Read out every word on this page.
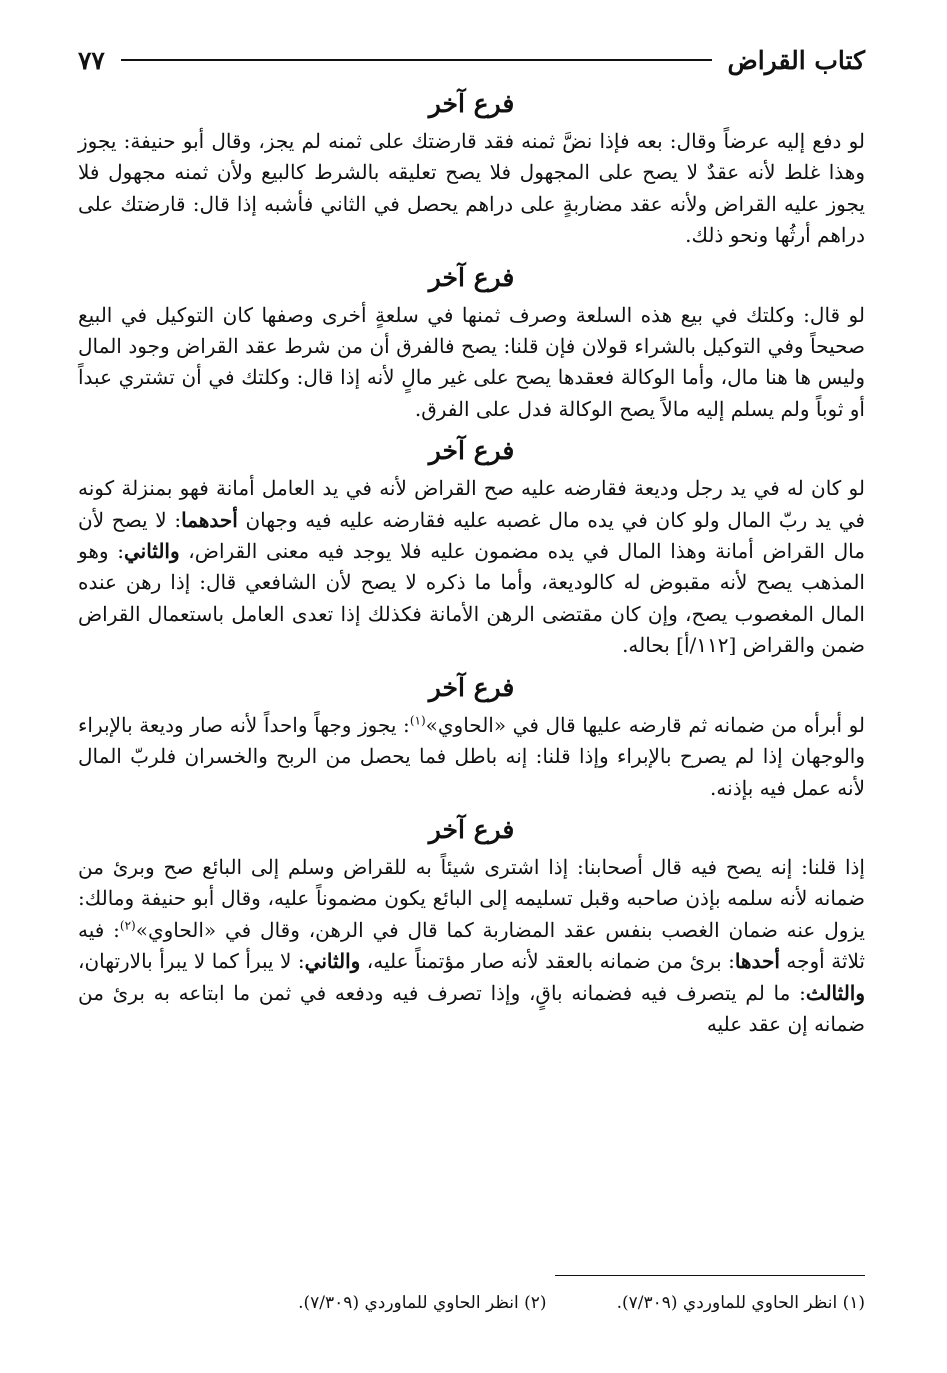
كتاب القراض
٧٧
فرع آخر

لو دفع إليه عرضاً وقال: بعه فإذا نضَّ ثمنه فقد قارضتك على ثمنه لم يجز، وقال أبو حنيفة: يجوز وهذا غلط لأنه عقدٌ لا يصح على المجهول فلا يصح تعليقه بالشرط كالبيع ولأن ثمنه مجهول فلا يجوز عليه القراض ولأنه عقد مضاربةٍ على دراهم يحصل في الثاني فأشبه إذا قال: قارضتك على دراهم أرثُها ونحو ذلك.

فرع آخر

لو قال: وكلتك في بيع هذه السلعة وصرف ثمنها في سلعةٍ أخرى وصفها كان التوكيل في البيع صحيحاً وفي التوكيل بالشراء قولان فإن قلنا: يصح فالفرق أن من شرط عقد القراض وجود المال وليس ها هنا مال، وأما الوكالة فعقدها يصح على غير مالٍ لأنه إذا قال: وكلتك في أن تشتري عبداً أو ثوباً ولم يسلم إليه مالاً يصح الوكالة فدل على الفرق.

فرع آخر

لو كان له في يد رجل وديعة فقارضه عليه صح القراض لأنه في يد العامل أمانة فهو بمنزلة كونه في يد ربّ المال ولو كان في يده مال غصبه عليه فقارضه عليه فيه وجهان أحدهما: لا يصح لأن مال القراض أمانة وهذا المال في يده مضمون عليه فلا يوجد فيه معنى القراض، والثاني: وهو المذهب يصح لأنه مقبوض له كالوديعة، وأما ما ذكره لا يصح لأن الشافعي قال: إذا رهن عنده المال المغصوب يصح، وإن كان مقتضى الرهن الأمانة فكذلك إذا تعدى العامل باستعمال القراض ضمن والقراض [١١٢/أ] بحاله.

فرع آخر

لو أبرأه من ضمانه ثم قارضه عليها قال في «الحاوي»$^{(١)}$: يجوز وجهاً واحداً لأنه صار وديعة بالإبراء والوجهان إذا لم يصرح بالإبراء وإذا قلنا: إنه باطل فما يحصل من الربح والخسران فلربّ المال لأنه عمل فيه بإذنه.

فرع آخر

إذا قلنا: إنه يصح فيه قال أصحابنا: إذا اشترى شيئاً به للقراض وسلم إلى البائع صح وبرئ من ضمانه لأنه سلمه بإذن صاحبه وقبل تسليمه إلى البائع يكون مضموناً عليه، وقال أبو حنيفة ومالك: يزول عنه ضمان الغصب بنفس عقد المضاربة كما قال في الرهن، وقال في «الحاوي»$^{(٢)}$: فيه ثلاثة أوجه أحدها: برئ من ضمانه بالعقد لأنه صار مؤتمناً عليه، والثاني: لا يبرأ كما لا يبرأ بالارتهان، والثالث: ما لم يتصرف فيه فضمانه باقٍ، وإذا تصرف فيه ودفعه في ثمن ما ابتاعه به برئ من ضمانه إن عقد عليه

(١) انظر الحاوي للماوردي (٧/٣٠٩).
(٢) انظر الحاوي للماوردي (٧/٣٠٩).
